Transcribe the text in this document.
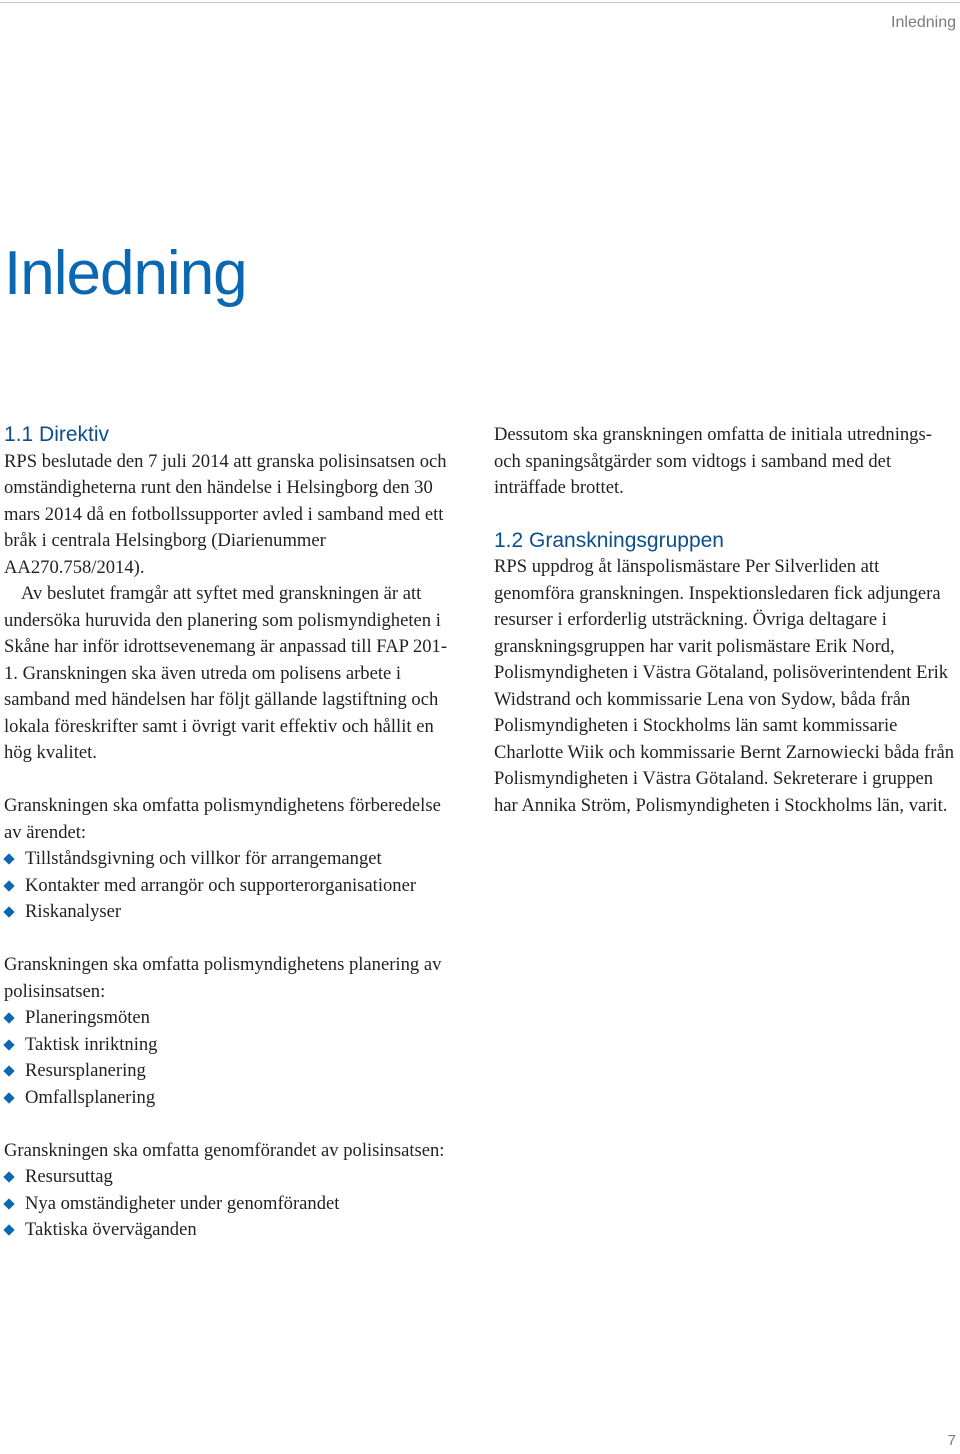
Inledning
Inledning
1.1 Direktiv

RPS beslutade den 7 juli 2014 att granska polisinsatsen och omständigheterna runt den händelse i Helsingborg den 30 mars 2014 då en fotbollssupporter avled i samband med ett bråk i centrala Helsingborg (Diarienummer AA270.758/2014).

Av beslutet framgår att syftet med granskningen är att undersöka huruvida den planering som polismyndigheten i Skåne har inför idrottsevenemang är anpassad till FAP 201-1. Granskningen ska även utreda om polisens arbete i samband med händelsen har följt gällande lagstiftning och lokala föreskrifter samt i övrigt varit effektiv och hållit en hög kvalitet.

Granskningen ska omfatta polismyndighetens förberedelse av ärendet:

Tillståndsgivning och villkor för arrangemanget
Kontakter med arrangör och supporterorganisationer
Riskanalyser

Granskningen ska omfatta polismyndighetens planering av polisinsatsen:

Planeringsmöten
Taktisk inriktning
Resursplanering
Omfallsplanering

Granskningen ska omfatta genomförandet av polisinsatsen:

Resursuttag
Nya omständigheter under genomförandet
Taktiska överväganden

Dessutom ska granskningen omfatta de initiala utrednings- och spaningsåtgärder som vidtogs i samband med det inträffade brottet.

1.2 Granskningsgruppen

RPS uppdrog åt länspolismästare Per Silverliden att genomföra granskningen. Inspektionsledaren fick adjungera resurser i erforderlig utsträckning. Övriga deltagare i granskningsgruppen har varit polismästare Erik Nord, Polismyndigheten i Västra Götaland, polisöverintendent Erik Widstrand och kommissarie Lena von Sydow, båda från Polismyndigheten i Stockholms län samt kommissarie Charlotte Wiik och kommissarie Bernt Zarnowiecki båda från Polismyndigheten i Västra Götaland. Sekreterare i gruppen har Annika Ström, Polismyndigheten i Stockholms län, varit.

7
